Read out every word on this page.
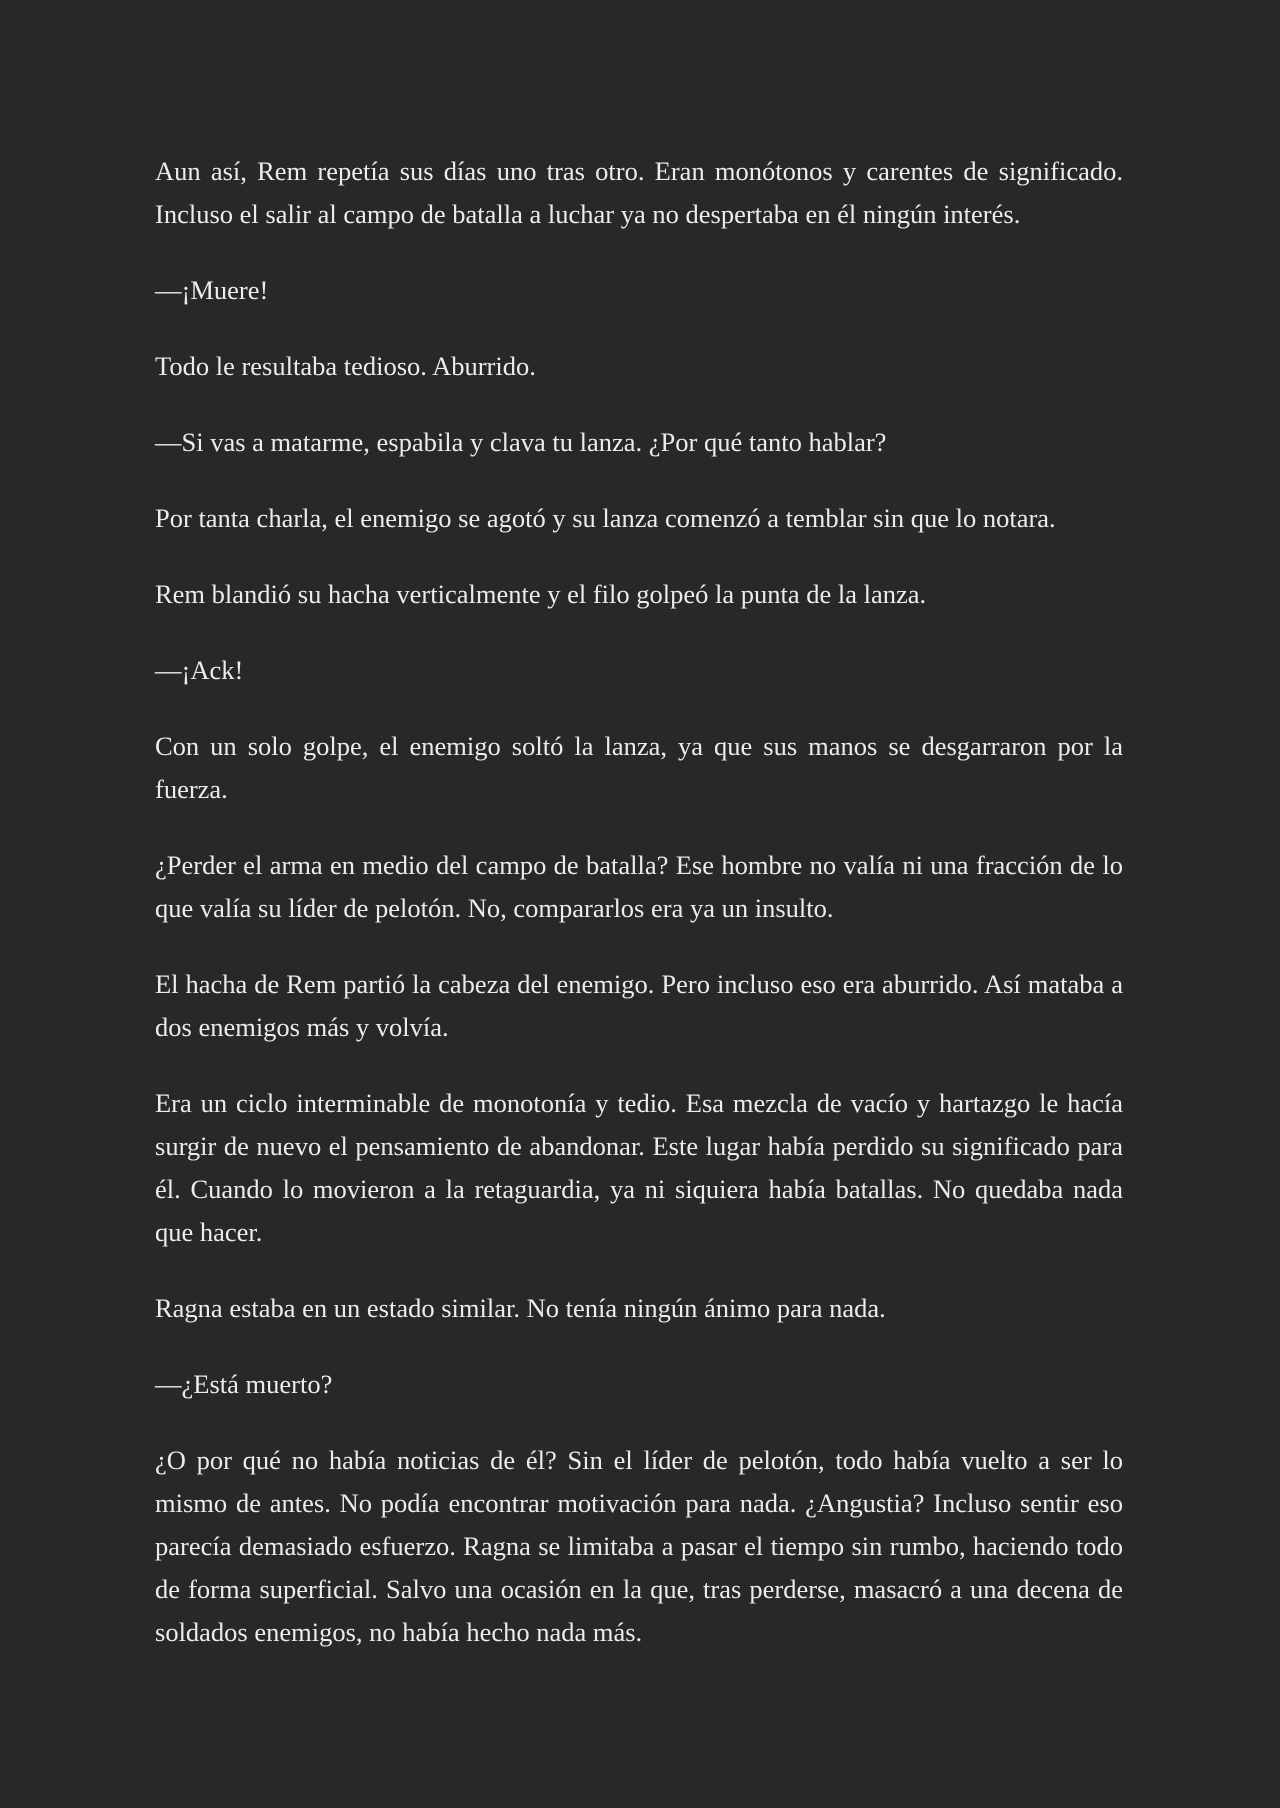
Aun así, Rem repetía sus días uno tras otro. Eran monótonos y carentes de significado. Incluso el salir al campo de batalla a luchar ya no despertaba en él ningún interés.

—¡Muere!

Todo le resultaba tedioso. Aburrido.

—Si vas a matarme, espabila y clava tu lanza. ¿Por qué tanto hablar?

Por tanta charla, el enemigo se agotó y su lanza comenzó a temblar sin que lo notara.

Rem blandió su hacha verticalmente y el filo golpeó la punta de la lanza.

—¡Ack!

Con un solo golpe, el enemigo soltó la lanza, ya que sus manos se desgarraron por la fuerza.

¿Perder el arma en medio del campo de batalla? Ese hombre no valía ni una fracción de lo que valía su líder de pelotón. No, compararlos era ya un insulto.

El hacha de Rem partió la cabeza del enemigo. Pero incluso eso era aburrido. Así mataba a dos enemigos más y volvía.

Era un ciclo interminable de monotonía y tedio. Esa mezcla de vacío y hartazgo le hacía surgir de nuevo el pensamiento de abandonar. Este lugar había perdido su significado para él. Cuando lo movieron a la retaguardia, ya ni siquiera había batallas. No quedaba nada que hacer.

Ragna estaba en un estado similar. No tenía ningún ánimo para nada.

—¿Está muerto?

¿O por qué no había noticias de él? Sin el líder de pelotón, todo había vuelto a ser lo mismo de antes. No podía encontrar motivación para nada. ¿Angustia? Incluso sentir eso parecía demasiado esfuerzo. Ragna se limitaba a pasar el tiempo sin rumbo, haciendo todo de forma superficial. Salvo una ocasión en la que, tras perderse, masacró a una decena de soldados enemigos, no había hecho nada más.
